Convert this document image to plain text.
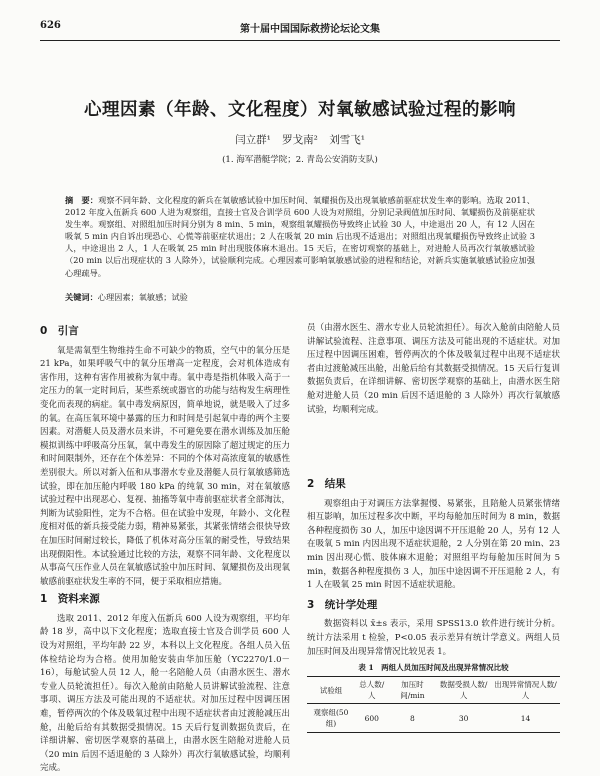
626	第十届中国国际救捞论坛论文集
心理因素（年龄、文化程度）对氧敏感试验过程的影响
闫立群¹ 罗戈南² 刘雪飞¹
(1. 海军潜艇学院；2. 青岛公安消防支队)
摘　要：观察不同年龄、文化程度的新兵在氧敏感试验中加压时间、氧耀损伤及出现氧敏感前驱症状发生率的影响。选取 2011、2012 年度入伍新兵 600 人进为观察组，直接士官及合训学员 600 人设为对照组，分别记录阀值加压时间、氧耀损伤及前驱症状发生率。观察组、对照组加压时间分别为 8 min、5 min，观察组氧耀损伤导致终止试验 30 人，中途退出 20 人，有 12 人因在吸氧 5 min 内自诉出现恐心、心慌等前驱症状退出；2 人在吸氧 20 min 后出现不适退出；对照组出现氧耀损伤导致终止试验 3 人，中途退出 2 人，1 人在吸氧 25 min 时出现肢体麻木退出。15 天后，在密切观察的基础上，对进舱人员再次行氧敏感试验（20 min 以后出现症状的 3 人除外），试验顺利完成。心理因素可影响氧敏感试验的进程和结论，对新兵实施氧敏感试验应加强心理疏导。
关键词：心理因素；氧敏感；试验
0　引言

氧是需氧型生物维持生命不可缺少的物质，空气中的氧分压是 21 kPa，如果呼吸气中的氧分压增高一定程度，会对机体造成有害作用，这种有害作用被称为氧中毒。氧中毒是指机体吸入高于一定压力的氧一定时间后，某些系统或器官的功能与结构发生病理性变化而表现的病症。氧中毒发病原因，简单地说，就是吸入了过多的氧。在高压氧环境中暴露的压力和时间是引起氧中毒的两个主要因素。对潜艇人员及潜水员来讲，不可避免要在潜水训练及加压舱模拟训练中呼吸高分压氧，氧中毒发生的原因除了超过规定的压力和时间限制外，还存在个体差异：不同的个体对高浓度氧的敏感性差别很大。所以对新入伍和从事潜水专业及潜艇人员行氧敏感筛选试验，即在加压舱内呼吸 180 kPa 的纯氧 30 min，对在氧敏感试验过程中出现恶心、复视、抽搐等氧中毒前驱症状者全部淘汰，判断为试验阳性，定为不合格。但在试验中发现，年龄小、文化程度相对低的新兵接受能力弱，精神易紧张，其紧张情绪会很快导致在加压时间耐过较长，降低了机体对高分压氧的耐受性，导致结果出现假阳性。本试验通过比较的方法，观察不同年龄、文化程度以从事高气压作业人员在氧敏感试验中加压时间、氧耀损伤及出现氧敏感前驱症状发生率的不同，便于采取相应措施。

1　资料来源

选取 2011、2012 年度入伍新兵 600 人设为观察组，平均年龄 18 岁，高中以下文化程度；选取直接士官及合训学员 600 人设为对照组，平均年龄 22 岁，本科以上文化程度。各组人员入伍体检结论均为合格。使用加舱安装由华加压舱（YC2270/1.0－16），每舱试验人员 12 人，舱一名陪舱人员（由潜水医生、潜水专业人员轮流担任）。每次入舱前由陪舱人员讲解试验流程、注意事项、调压方法及可能出现的不适症状。对加压过程中因调压困难，暂停两次的个体及吸氧过程中出现不适症状者由过渡舱减压出舱，出舱后给有其数据受损情况。15 天后行复训数据负责后，在详细讲解、密切医学观察的基础上，由潜水医生陪舱对进舱人员（20 min 后因不适退舱的 3 人除外）再次行氧敏感试验，均顺利完成。

员（由潜水医生、潜水专业人员轮流担任）。每次入舱前由陪舱人员讲解试验流程、注意事项、调压方法及可能出现的不适症状。对加压过程中因调压困难，暂停两次的个体及吸氧过程中出现不适症状者由过渡舱减压出舱，出舱后给有其数据受损情况。15 天后行复训数据负责后，在详细讲解、密切医学观察的基础上，由潜水医生陪舱对进舱人员（20 min 后因不适退舱的 3 人除外）再次行氧敏感试验，均顺利完成。

2　结果

观察组由于对调压方法掌握慢、易紧张，且陪舱人员紧张情绪相互影响，加压过程多次中断，平均每舱加压时间为 8 min，数据各种程度损伤 30 人，加压中途因调不开压退舱 20 人，另有 12 人在吸氧 5 min 内因出现不适症状退舱，2 人分别在第 20 min、23 min 因出现心慌、肢体麻木退舱；对照组平均每舱加压时间为 5 min，数据各种程度损伤 3 人，加压中途因调不开压退舱 2 人，有 1 人在吸氧 25 min 时因不适症状退舱。

3　统计学处理

数据资料以 x̄±s 表示，采用 SPSS13.0 软件进行统计分析。统计方法采用 t 检验，P<0.05 表示差异有统计学意义。两组人员加压时间及出现异常情况比较见表 1。

表 1　两组人员加压时间及出现异常情况比较
试验组	总人数/人	加压时间/min	数据受损人数/人	出现异常情况人数/人
观察组(50 组)	600	8	30	14
